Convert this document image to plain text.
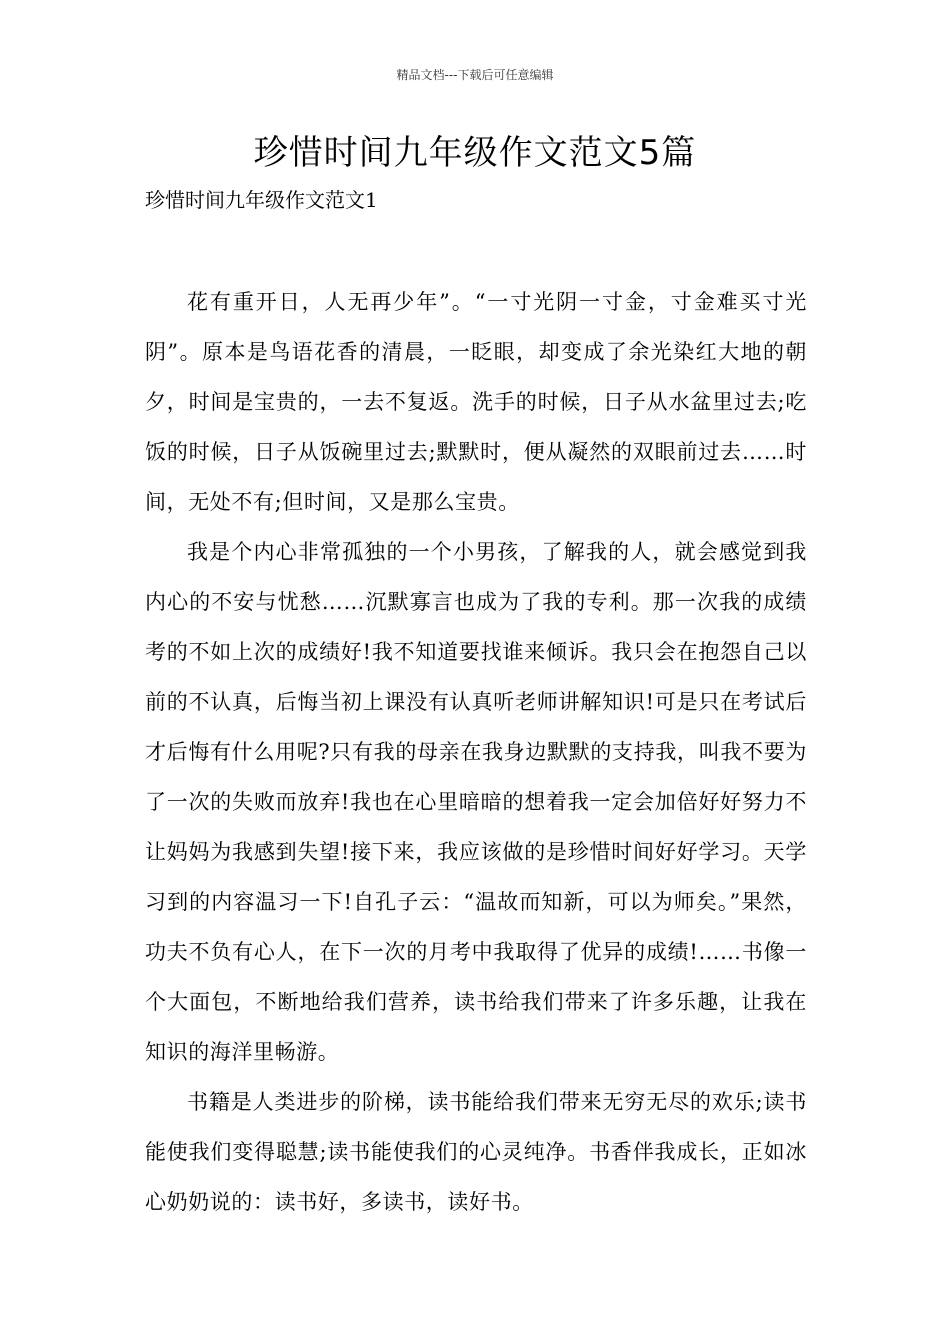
精品文档---下载后可任意编辑
珍惜时间九年级作文范文5篇
珍惜时间九年级作文范文1

花有重开日，人无再少年”。“一寸光阴一寸金，寸金难买寸光阴”。原本是鸟语花香的清晨，一眨眼，却变成了余光染红大地的朝夕，时间是宝贵的，一去不复返。洗手的时候，日子从水盆里过去;吃饭的时候，日子从饭碗里过去;默默时，便从凝然的双眼前过去……时间，无处不有;但时间，又是那么宝贵。

我是个内心非常孤独的一个小男孩，了解我的人，就会感觉到我内心的不安与忧愁……沉默寡言也成为了我的专利。那一次我的成绩考的不如上次的成绩好!我不知道要找谁来倾诉。我只会在抱怨自己以前的不认真，后悔当初上课没有认真听老师讲解知识!可是只在考试后才后悔有什么用呢?只有我的母亲在我身边默默的支持我，叫我不要为了一次的失败而放弃!我也在心里暗暗的想着我一定会加倍好好努力不让妈妈为我感到失望!接下来，我应该做的是珍惜时间好好学习。天学习到的内容温习一下!自孔子云：“温故而知新，可以为师矣。”果然，功夫不负有心人，在下一次的月考中我取得了优异的成绩!……书像一个大面包，不断地给我们营养，读书给我们带来了许多乐趣，让我在知识的海洋里畅游。

书籍是人类进步的阶梯，读书能给我们带来无穷无尽的欢乐;读书能使我们变得聪慧;读书能使我们的心灵纯净。书香伴我成长，正如冰心奶奶说的：读书好，多读书，读好书。
